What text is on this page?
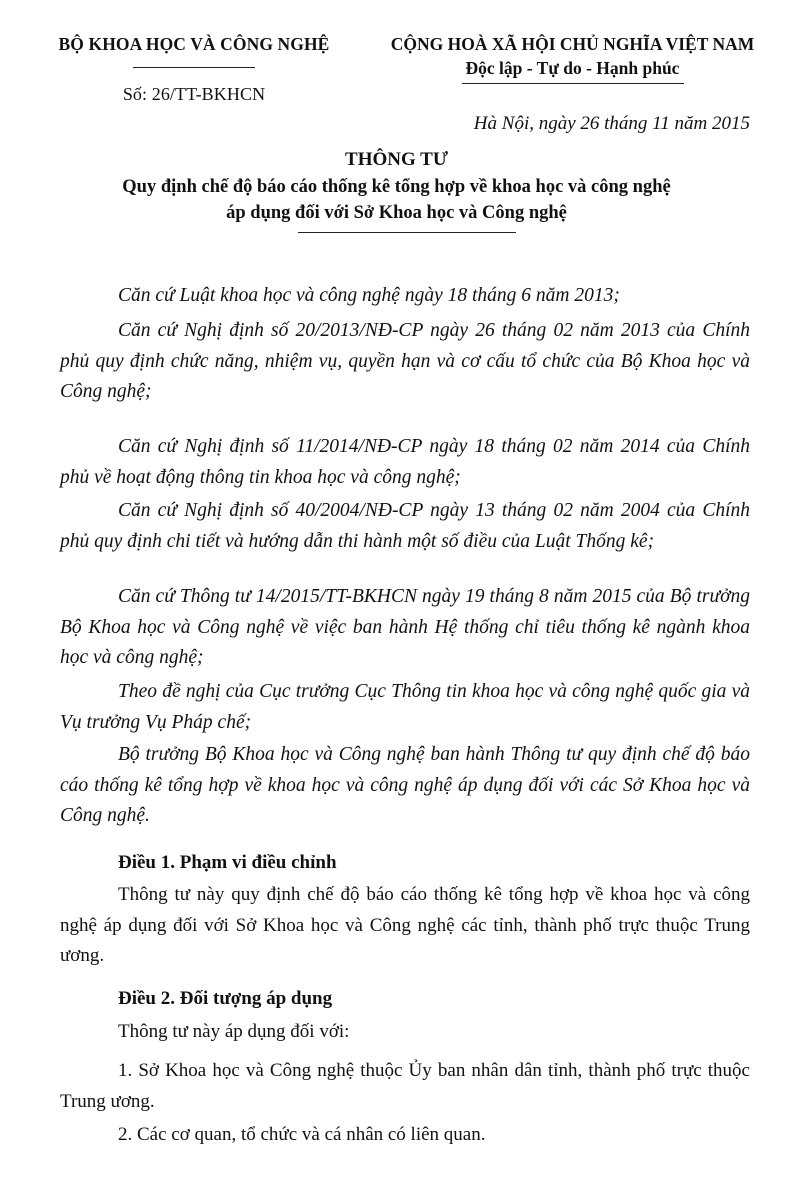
BỘ KHOA HỌC VÀ CÔNG NGHỆ
Số: 26/TT-BKHCN
CỘNG HOÀ XÃ HỘI CHỦ NGHĨA VIỆT NAM
Độc lập - Tự do - Hạnh phúc
Hà Nội, ngày 26 tháng 11 năm 2015
THÔNG TƯ
Quy định chế độ báo cáo thống kê tổng hợp về khoa học và công nghệ
áp dụng đối với Sở Khoa học và Công nghệ
Căn cứ Luật khoa học và công nghệ ngày 18 tháng 6 năm 2013;
Căn cứ Nghị định số 20/2013/NĐ-CP ngày 26 tháng 02 năm 2013 của Chính phủ quy định chức năng, nhiệm vụ, quyền hạn và cơ cấu tổ chức của Bộ Khoa học và Công nghệ;
Căn cứ Nghị định số 11/2014/NĐ-CP ngày 18 tháng 02 năm 2014 của Chính phủ về hoạt động thông tin khoa học và công nghệ;
Căn cứ Nghị định số 40/2004/NĐ-CP ngày 13 tháng 02 năm 2004 của Chính phủ quy định chi tiết và hướng dẫn thi hành một số điều của Luật Thống kê;
Căn cứ Thông tư 14/2015/TT-BKHCN ngày 19 tháng 8 năm 2015 của Bộ trưởng Bộ Khoa học và Công nghệ về việc ban hành Hệ thống chỉ tiêu thống kê ngành khoa học và công nghệ;
Theo đề nghị của Cục trưởng Cục Thông tin khoa học và công nghệ quốc gia và Vụ trưởng Vụ Pháp chế;
Bộ trưởng Bộ Khoa học và Công nghệ ban hành Thông tư quy định chế độ báo cáo thống kê tổng hợp về khoa học và công nghệ áp dụng đối với các Sở Khoa học và Công nghệ.
Điều 1. Phạm vi điều chỉnh
Thông tư này quy định chế độ báo cáo thống kê tổng hợp về khoa học và công nghệ áp dụng đối với Sở Khoa học và Công nghệ các tỉnh, thành phố trực thuộc Trung ương.
Điều 2. Đối tượng áp dụng
Thông tư này áp dụng đối với:
1. Sở Khoa học và Công nghệ thuộc Ủy ban nhân dân tỉnh, thành phố trực thuộc Trung ương.
2. Các cơ quan, tổ chức và cá nhân có liên quan.
